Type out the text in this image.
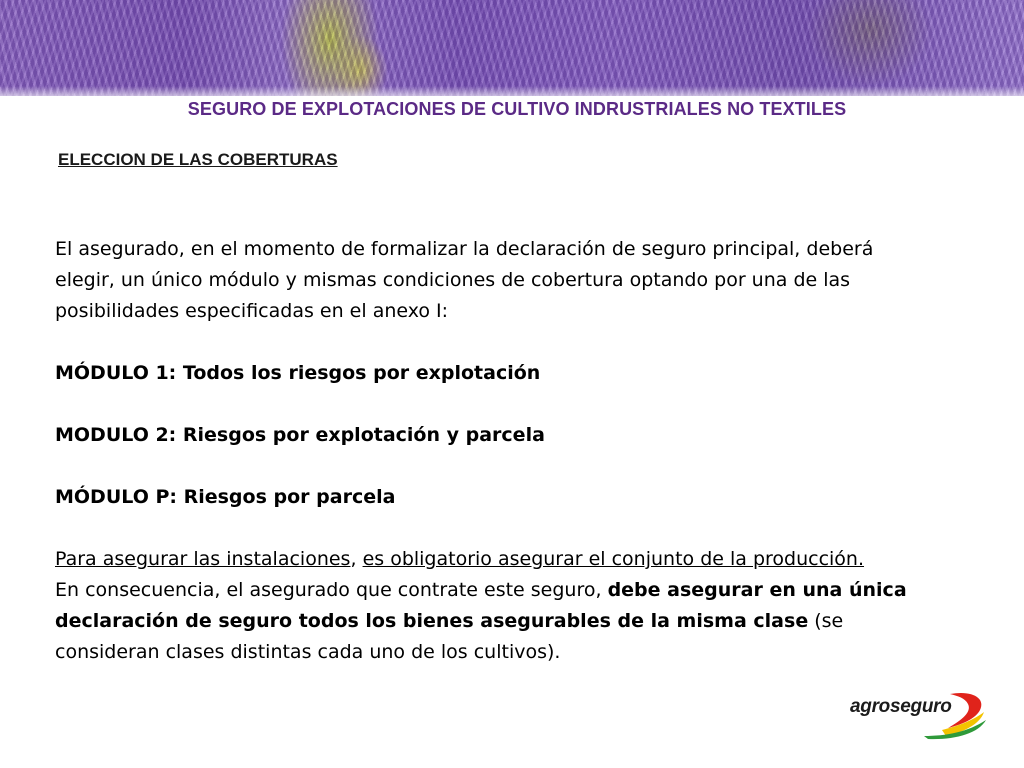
SEGURO DE EXPLOTACIONES DE CULTIVO INDRUSTRIALES NO TEXTILES
ELECCION DE LAS COBERTURAS

El asegurado, en el momento de formalizar la declaración de seguro principal, deberá elegir, un único módulo y mismas condiciones de cobertura optando por una de las posibilidades especificadas en el anexo I:

MÓDULO 1: Todos los riesgos por explotación

MODULO 2: Riesgos por explotación y parcela

MÓDULO P: Riesgos por parcela

Para asegurar las instalaciones, es obligatorio asegurar el conjunto de la producción.

En consecuencia, el asegurado que contrate este seguro, debe asegurar en una única declaración de seguro todos los bienes asegurables de la misma clase (se consideran clases distintas cada uno de los cultivos).

agroseguro
